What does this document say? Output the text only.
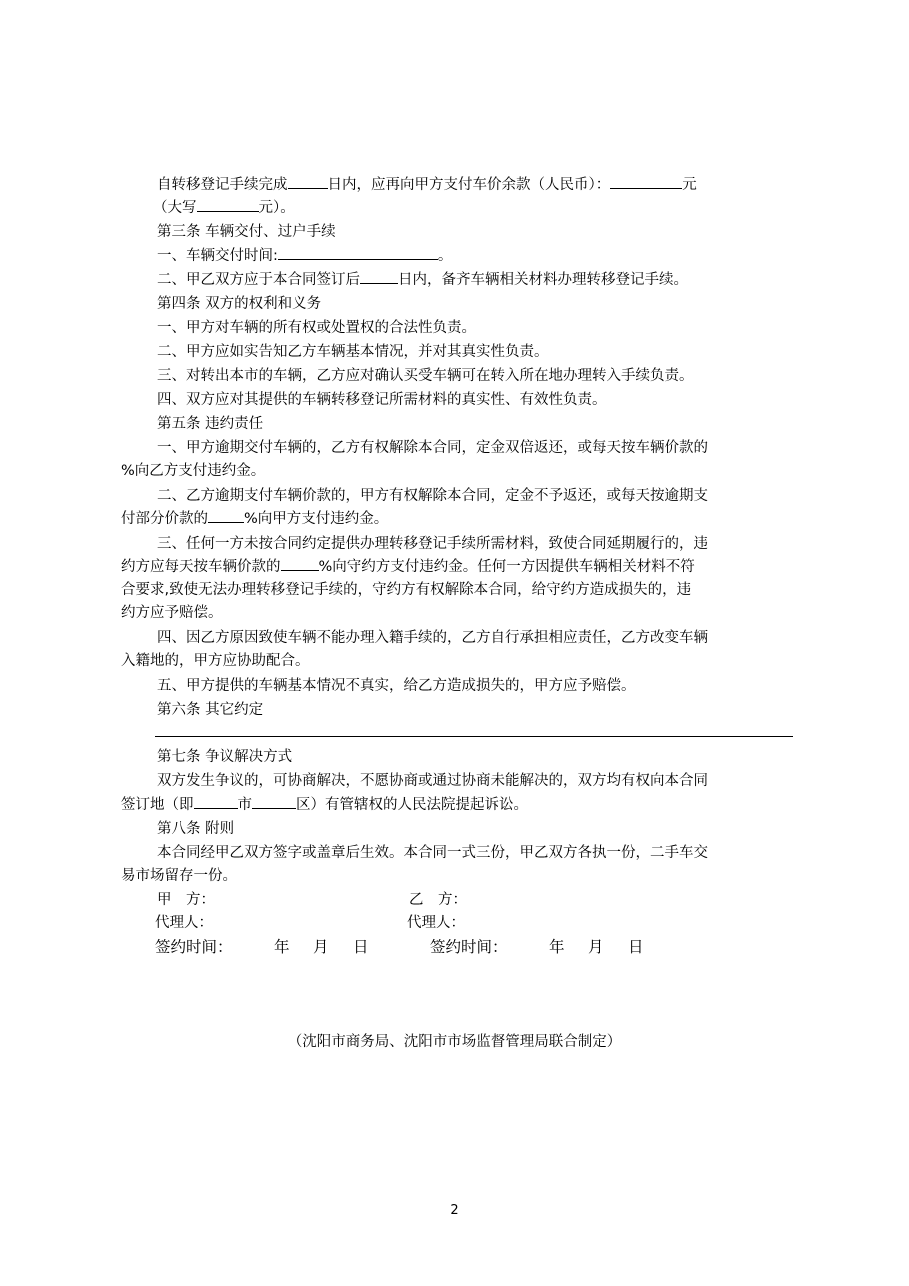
自转移登记手续完成	日内，应再向甲方支付车价余款（人民币）：	元
（大写	元）。
第三条 车辆交付、过户手续
一、车辆交付时间:	。
二、甲乙双方应于本合同签订后	日内，备齐车辆相关材料办理转移登记手续。
第四条 双方的权利和义务
一、甲方对车辆的所有权或处置权的合法性负责。
二、甲方应如实告知乙方车辆基本情况，并对其真实性负责。
三、对转出本市的车辆，乙方应对确认买受车辆可在转入所在地办理转入手续负责。
四、双方应对其提供的车辆转移登记所需材料的真实性、有效性负责。
第五条 违约责任
一、甲方逾期交付车辆的，乙方有权解除本合同，定金双倍返还，或每天按车辆价款的
%向乙方支付违约金。
二、乙方逾期支付车辆价款的，甲方有权解除本合同，定金不予返还，或每天按逾期支
付部分价款的 %向甲方支付违约金。
三、任何一方未按合同约定提供办理转移登记手续所需材料，致使合同延期履行的，违
约方应每天按车辆价款的	%向守约方支付违约金。任何一方因提供车辆相关材料不符
合要求,致使无法办理转移登记手续的，守约方有权解除本合同，给守约方造成损失的，违
约方应予赔偿。
四、因乙方原因致使车辆不能办理入籍手续的，乙方自行承担相应责任，乙方改变车辆
入籍地的，甲方应协助配合。
五、甲方提供的车辆基本情况不真实，给乙方造成损失的，甲方应予赔偿。
第六条 其它约定
第七条 争议解决方式
双方发生争议的，可协商解决，不愿协商或通过协商未能解决的，双方均有权向本合同
签订地（即	市	区）有管辖权的人民法院提起诉讼。
第八条 附则
本合同经甲乙双方签字或盖章后生效。本合同一式三份，甲乙双方各执一份，二手车交
易市场留存一份。
甲　方：	乙　方：
代理人：	代理人：
签约时间：	年 月 日	签约时间：	年 月 日
（沈阳市商务局、沈阳市市场监督管理局联合制定）
2
